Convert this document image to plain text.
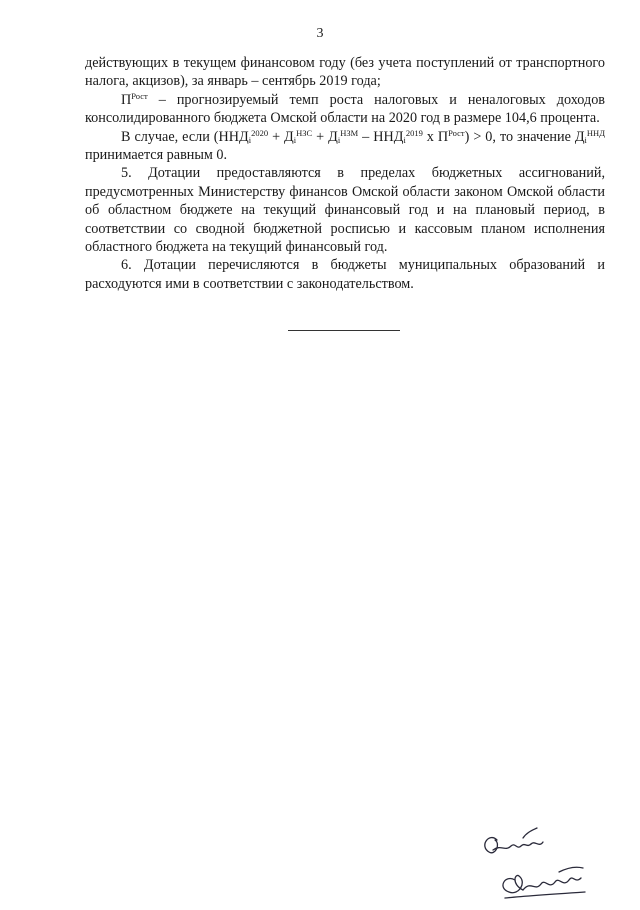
3

действующих в текущем финансовом году (без учета поступлений от транспортного налога, акцизов), за январь – сентябрь 2019 года;

$П^{Рост}$ – прогнозируемый темп роста налоговых и неналоговых доходов консолидированного бюджета Омской области на 2020 год в размере 104,6 процента.

В случае, если ($ННД_i^{2020} + Д_i^{НЗС} + Д_i^{НЗМ} - ННД_i^{2019}$ х $П^{Рост}) > 0$, то значение $Д_i^{ННД}$ принимается равным 0.

5. Дотации предоставляются в пределах бюджетных ассигнований, предусмотренных Министерству финансов Омской области законом Омской области об областном бюджете на текущий финансовый год и на плановый период, в соответствии со сводной бюджетной росписью и кассовым планом исполнения областного бюджета на текущий финансовый год.

6. Дотации перечисляются в бюджеты муниципальных образований и расходуются ими в соответствии с законодательством.
